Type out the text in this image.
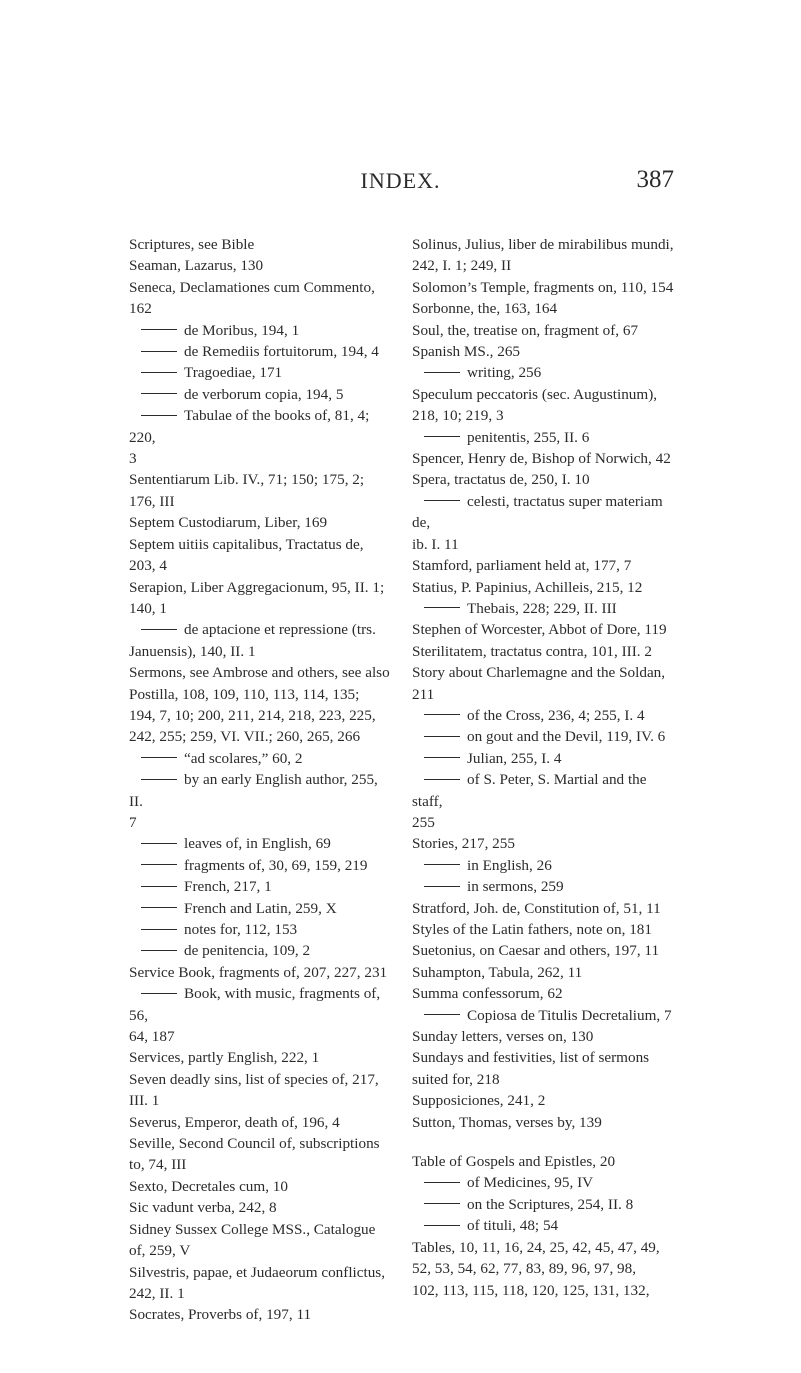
INDEX.	387
Scriptures, see Bible
Seaman, Lazarus, 130
Seneca, Declamationes cum Commento,
162
de Moribus, 194, 1
de Remediis fortuitorum, 194, 4
Tragoediae, 171
de verborum copia, 194, 5
Tabulae of the books of, 81, 4; 220,
3
Sententiarum Lib. IV., 71; 150; 175, 2;
176, III
Septem Custodiarum, Liber, 169
Septem uitiis capitalibus, Tractatus de,
203, 4
Serapion, Liber Aggregacionum, 95, II. 1;
140, 1
de aptacione et repressione (trs.
Januensis), 140, II. 1
Sermons, see Ambrose and others, see also
Postilla, 108, 109, 110, 113, 114, 135;
194, 7, 10; 200, 211, 214, 218, 223, 225,
242, 255; 259, VI. VII.; 260, 265, 266
“ad scolares,” 60, 2
by an early English author, 255, II.
7
leaves of, in English, 69
fragments of, 30, 69, 159, 219
French, 217, 1
French and Latin, 259, X
notes for, 112, 153
de penitencia, 109, 2
Service Book, fragments of, 207, 227, 231
Book, with music, fragments of, 56,
64, 187
Services, partly English, 222, 1
Seven deadly sins, list of species of, 217,
III. 1
Severus, Emperor, death of, 196, 4
Seville, Second Council of, subscriptions
to, 74, III
Sexto, Decretales cum, 10
Sic vadunt verba, 242, 8
Sidney Sussex College MSS., Catalogue
of, 259, V
Silvestris, papae, et Judaeorum conflictus,
242, II. 1
Socrates, Proverbs of, 197, 11
Solinus, Julius, liber de mirabilibus mundi,
242, I. 1; 249, II
Solomon’s Temple, fragments on, 110, 154
Sorbonne, the, 163, 164
Soul, the, treatise on, fragment of, 67
Spanish MS., 265
writing, 256
Speculum peccatoris (sec. Augustinum),
218, 10; 219, 3
penitentis, 255, II. 6
Spencer, Henry de, Bishop of Norwich, 42
Spera, tractatus de, 250, I. 10
celesti, tractatus super materiam de,
ib. I. 11
Stamford, parliament held at, 177, 7
Statius, P. Papinius, Achilleis, 215, 12
Thebais, 228; 229, II. III
Stephen of Worcester, Abbot of Dore, 119
Sterilitatem, tractatus contra, 101, III. 2
Story about Charlemagne and the Soldan,
211
of the Cross, 236, 4; 255, I. 4
on gout and the Devil, 119, IV. 6
Julian, 255, I. 4
of S. Peter, S. Martial and the staff,
255
Stories, 217, 255
in English, 26
in sermons, 259
Stratford, Joh. de, Constitution of, 51, 11
Styles of the Latin fathers, note on, 181
Suetonius, on Caesar and others, 197, 11
Suhampton, Tabula, 262, 11
Summa confessorum, 62
Copiosa de Titulis Decretalium, 7
Sunday letters, verses on, 130
Sundays and festivities, list of sermons
suited for, 218
Supposiciones, 241, 2
Sutton, Thomas, verses by, 139
Table of Gospels and Epistles, 20
of Medicines, 95, IV
on the Scriptures, 254, II. 8
of tituli, 48; 54
Tables, 10, 11, 16, 24, 25, 42, 45, 47, 49,
52, 53, 54, 62, 77, 83, 89, 96, 97, 98,
102, 113, 115, 118, 120, 125, 131, 132,
